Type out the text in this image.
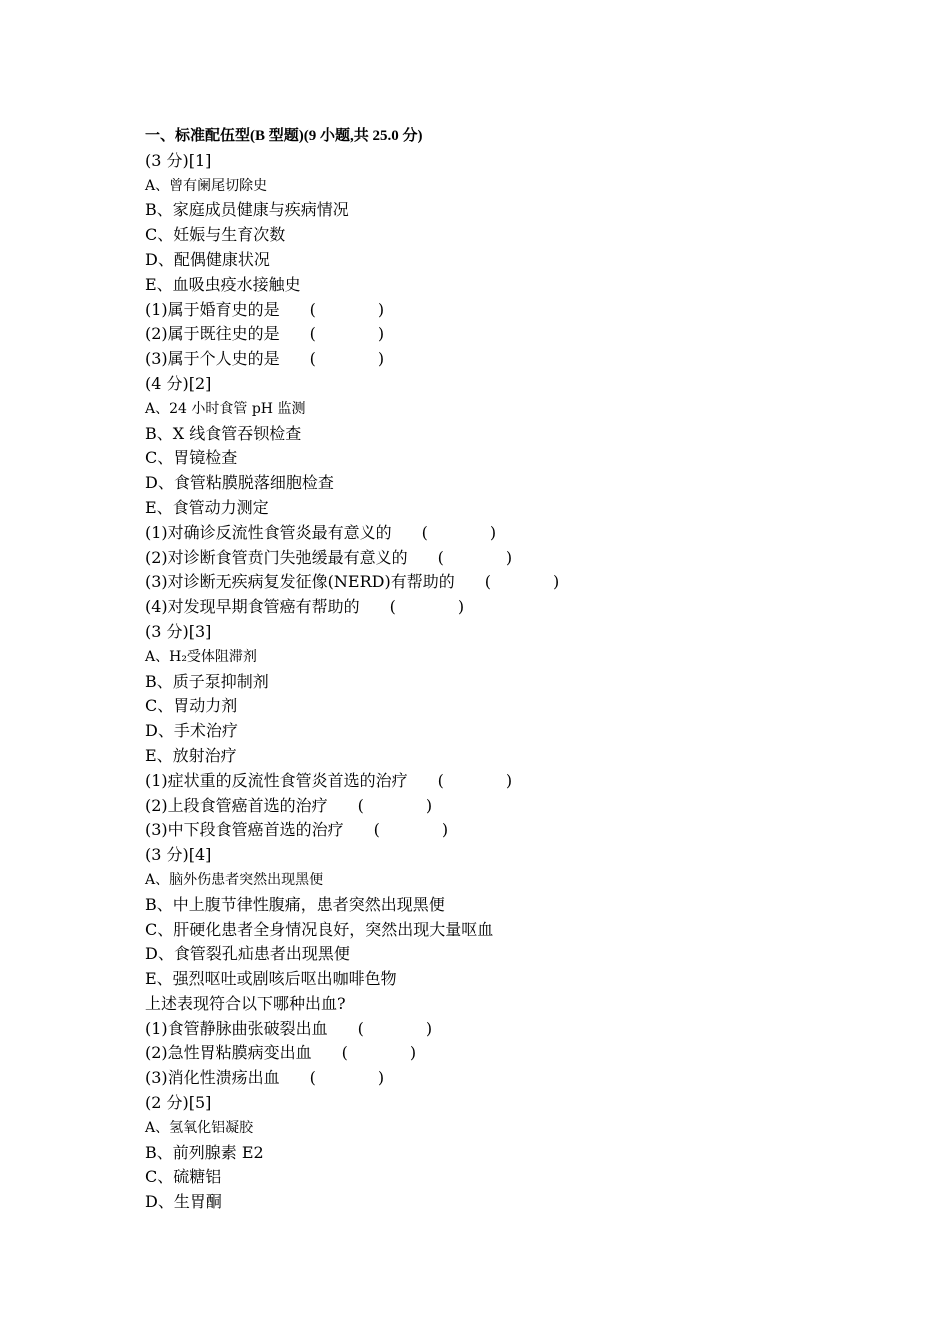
一、标准配伍型(B 型题)(9 小题,共 25.0 分)
(3 分)[1]
A、曾有阑尾切除史
B、家庭成员健康与疾病情况
C、妊娠与生育次数
D、配偶健康状况
E、血吸虫疫水接触史
(1)属于婚育史的是 (	)
(2)属于既往史的是 (	)
(3)属于个人史的是 (	)
(4 分)[2]
A、24 小时食管 pH 监测
B、X 线食管吞钡检查
C、胃镜检查
D、食管粘膜脱落细胞检查
E、食管动力测定
(1)对确诊反流性食管炎最有意义的 (	)
(2)对诊断食管贲门失弛缓最有意义的 (	)
(3)对诊断无疾病复发征像(NERD)有帮助的 (	)
(4)对发现早期食管癌有帮助的 (	)
(3 分)[3]
A、H₂受体阻滞剂
B、质子泵抑制剂
C、胃动力剂
D、手术治疗
E、放射治疗
(1)症状重的反流性食管炎首选的治疗 (	)
(2)上段食管癌首选的治疗 (	)
(3)中下段食管癌首选的治疗 (	)
(3 分)[4]
A、脑外伤患者突然出现黑便
B、中上腹节律性腹痛，患者突然出现黑便
C、肝硬化患者全身情况良好，突然出现大量呕血
D、食管裂孔疝患者出现黑便
E、强烈呕吐或剧咳后呕出咖啡色物
上述表现符合以下哪种出血?
(1)食管静脉曲张破裂出血 (	)
(2)急性胃粘膜病变出血 (	)
(3)消化性溃疡出血 (	)
(2 分)[5]
A、氢氧化铝凝胶
B、前列腺素 E2
C、硫糖铝
D、生胃酮
